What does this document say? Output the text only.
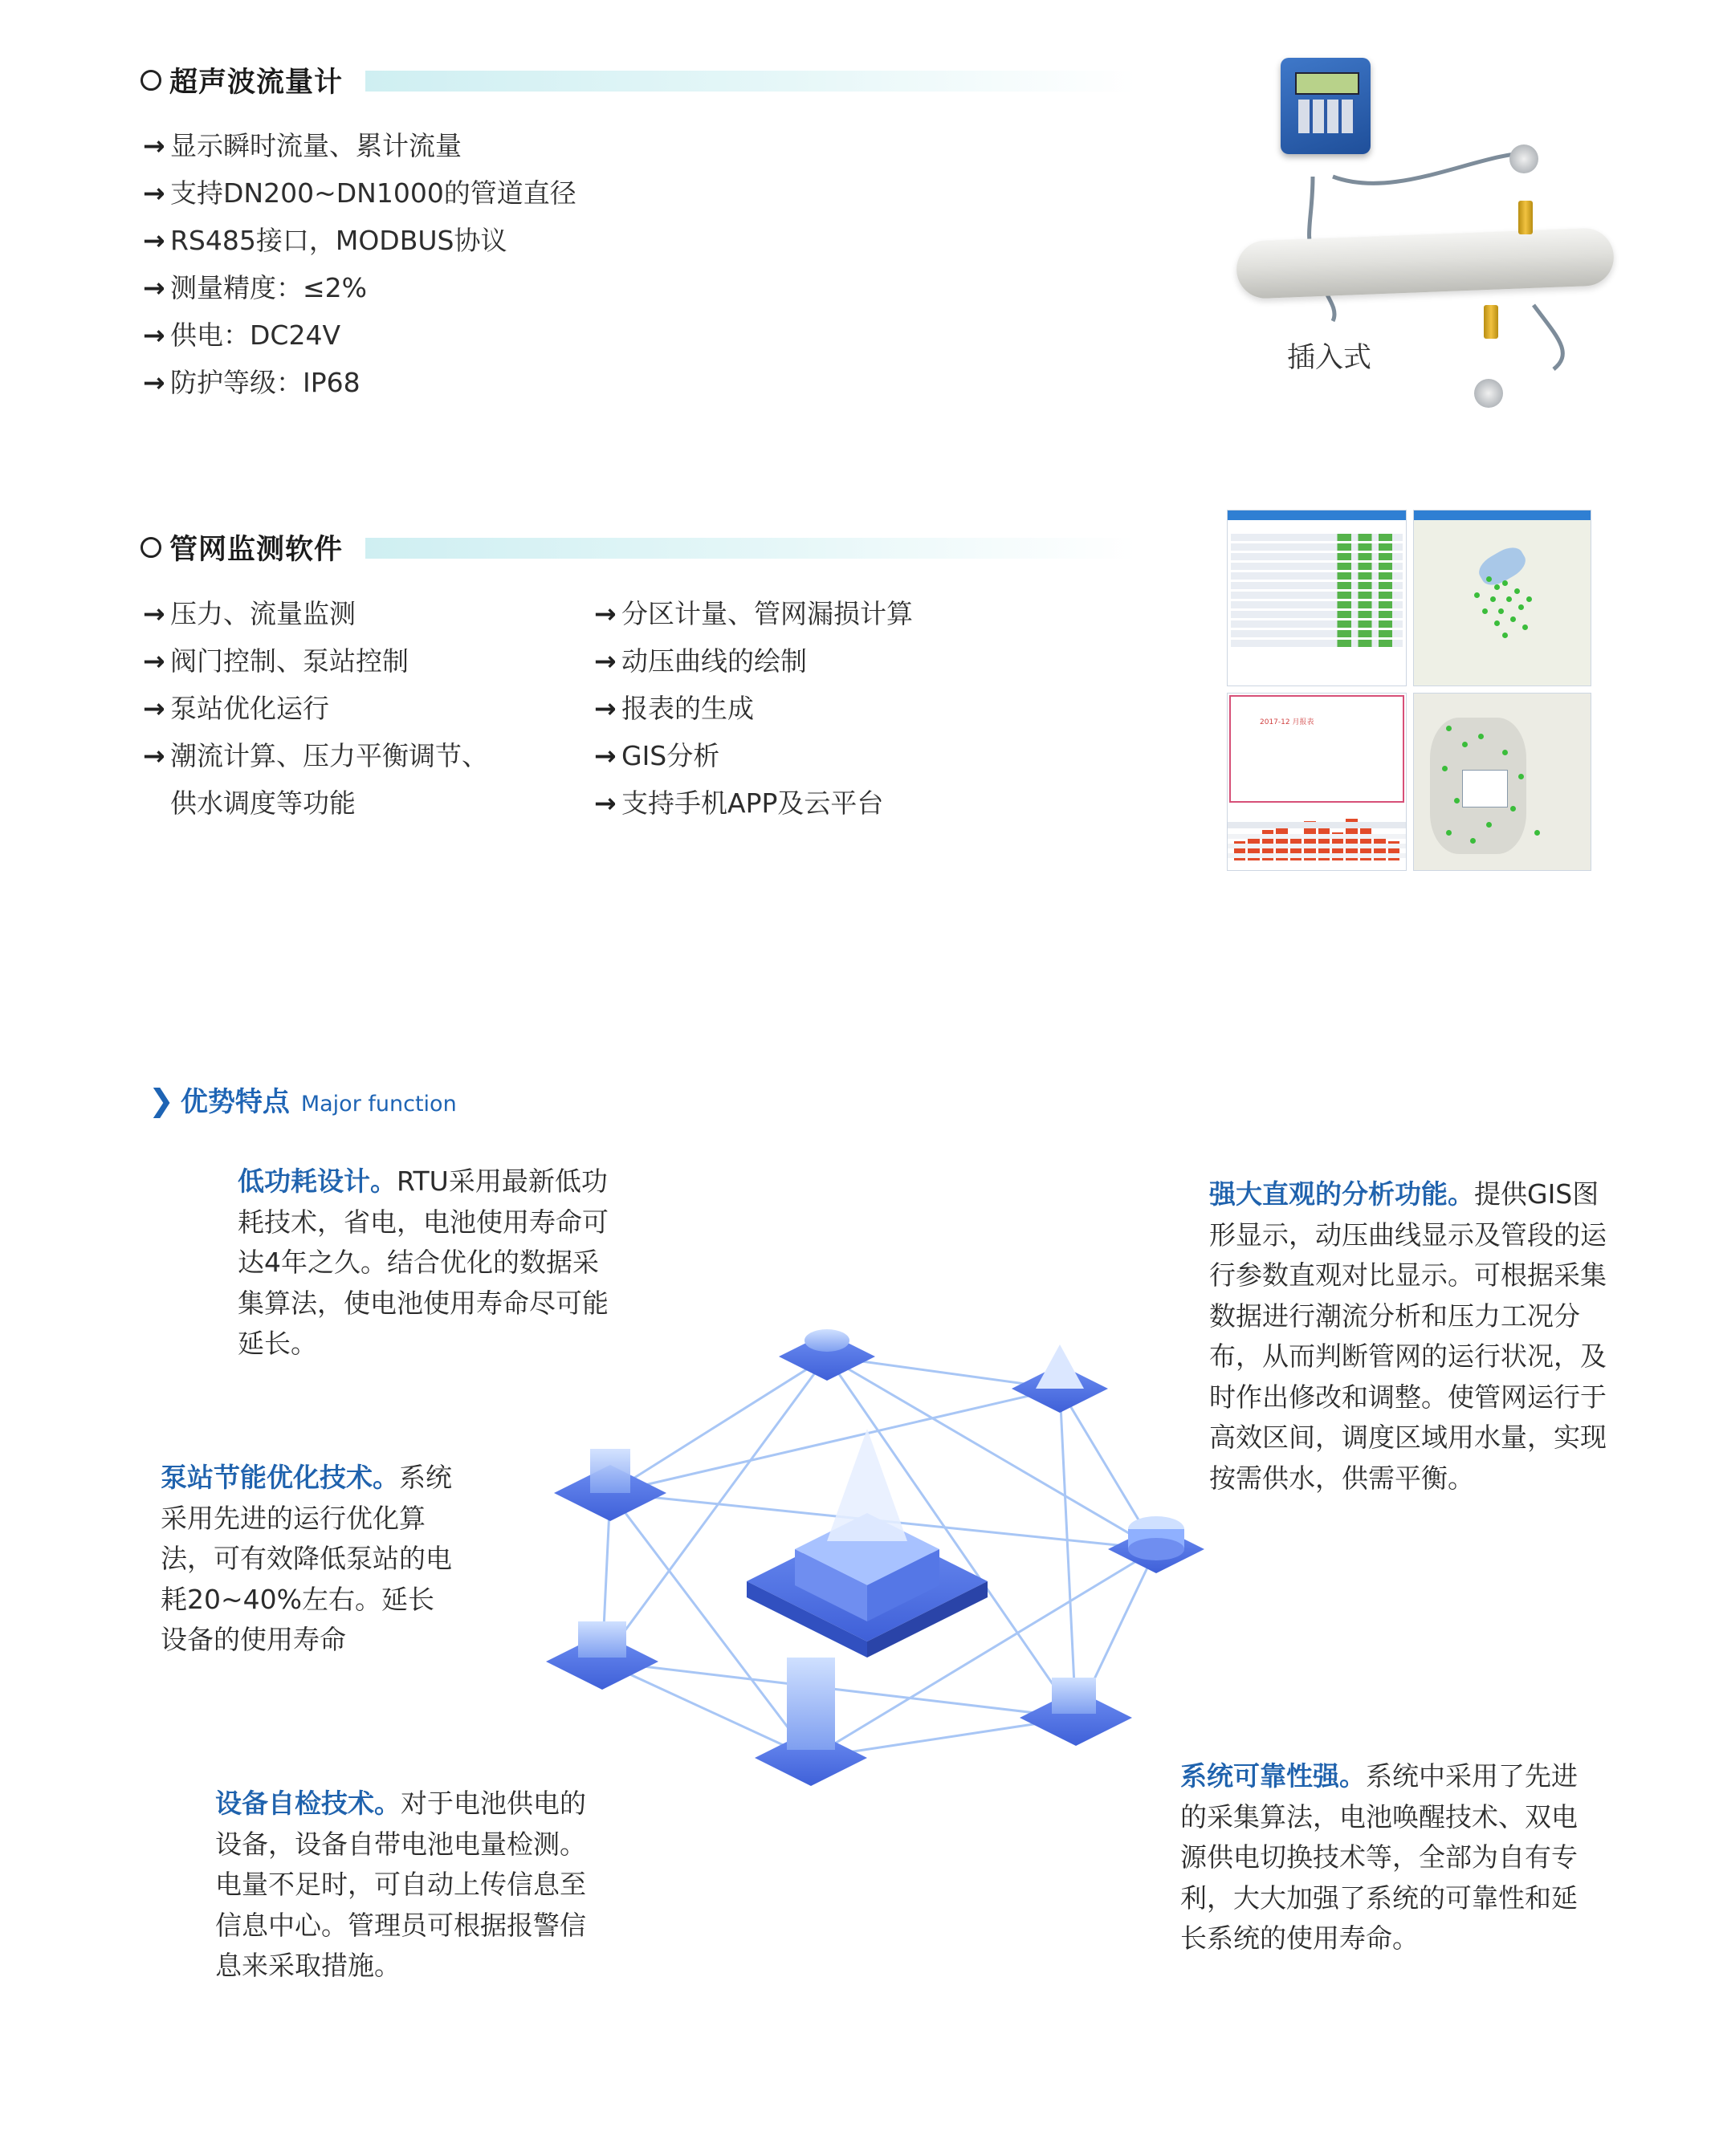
超声波流量计
→ 显示瞬时流量、累计流量
→ 支持DN200~DN1000的管道直径
→ RS485接口，MODBUS协议
→ 测量精度：≤2%
→ 供电：DC24V
→ 防护等级：IP68
插入式
管网监测软件
→ 压力、流量监测
→ 阀门控制、泵站控制
→ 泵站优化运行
→ 潮流计算、压力平衡调节、
供水调度等功能
→ 分区计量、管网漏损计算
→ 动压曲线的绘制
→ 报表的生成
→ GIS分析
→ 支持手机APP及云平台
2017-12 月报表
❯ 优势特点 Major function
低功耗设计。RTU采用最新低功耗技术，省电，电池使用寿命可达4年之久。结合优化的数据采集算法，使电池使用寿命尽可能延长。
泵站节能优化技术。系统采用先进的运行优化算法，可有效降低泵站的电耗20~40%左右。延长设备的使用寿命
设备自检技术。对于电池供电的设备，设备自带电池电量检测。电量不足时，可自动上传信息至信息中心。管理员可根据报警信息来采取措施。
强大直观的分析功能。提供GIS图形显示，动压曲线显示及管段的运行参数直观对比显示。可根据采集数据进行潮流分析和压力工况分布，从而判断管网的运行状况，及时作出修改和调整。使管网运行于高效区间，调度区域用水量，实现按需供水，供需平衡。
系统可靠性强。系统中采用了先进的采集算法，电池唤醒技术、双电源供电切换技术等，全部为自有专利，大大加强了系统的可靠性和延长系统的使用寿命。
